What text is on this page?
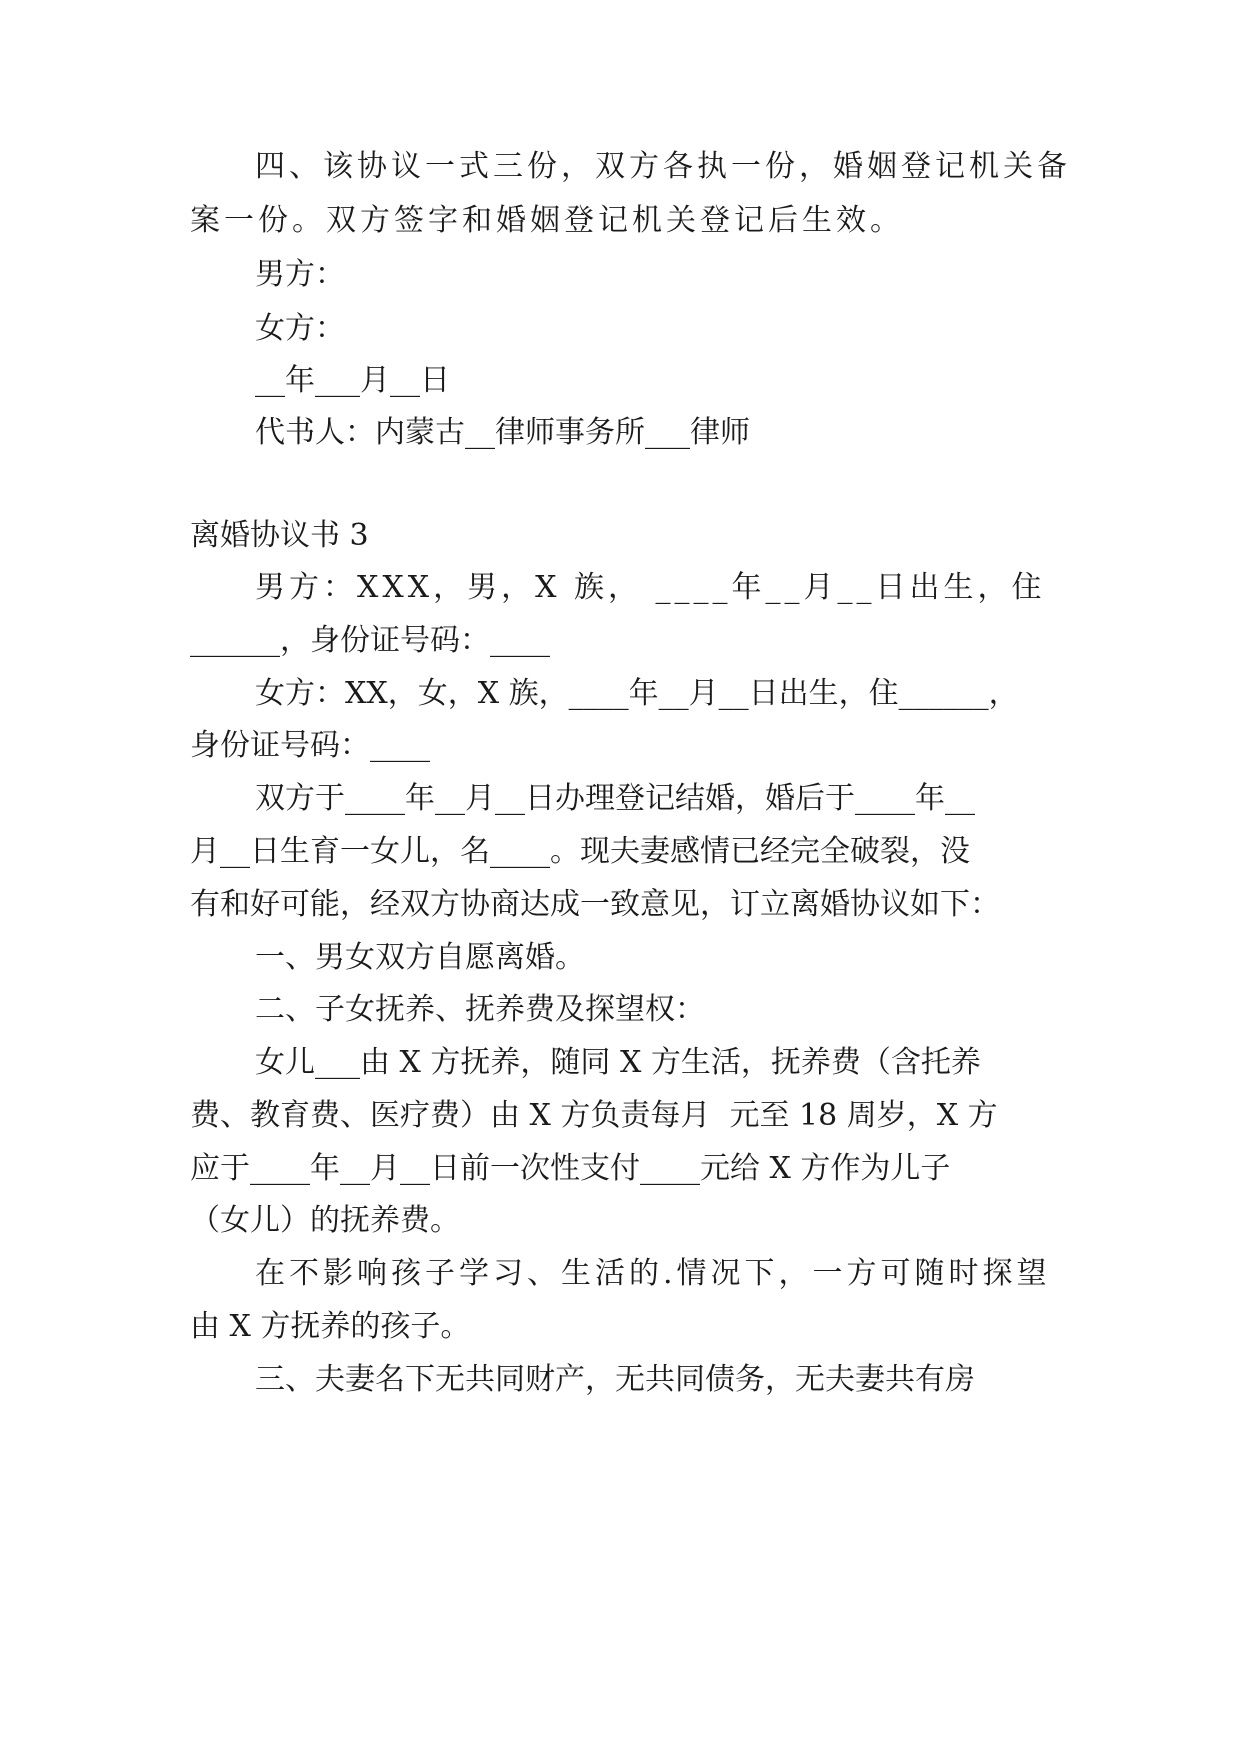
四、该协议一式三份，双方各执一份，婚姻登记机关备
案一份。双方签字和婚姻登记机关登记后生效。
男方：
女方：
__年___月__日
代书人：内蒙古__律师事务所___律师
离婚协议书 3
男方：XXX，男，X 族， ____年__月__日出生，住
______，身份证号码：____
女方：XX，女，X 族，____年__月__日出生，住______，
身份证号码：____
双方于____年__月__日办理登记结婚，婚后于____年__
月__日生育一女儿，名____。现夫妻感情已经完全破裂，没
有和好可能，经双方协商达成一致意见，订立离婚协议如下：
一、男女双方自愿离婚。
二、子女抚养、抚养费及探望权：
女儿___由 X 方抚养，随同 X 方生活，抚养费（含托养
费、教育费、医疗费）由 X 方负责每月  元至 18 周岁，X 方
应于____年__月__日前一次性支付____元给 X 方作为儿子
（女儿）的抚养费。
在不影响孩子学习、生活的.情况下，一方可随时探望
由 X 方抚养的孩子。
三、夫妻名下无共同财产，无共同债务，无夫妻共有房
